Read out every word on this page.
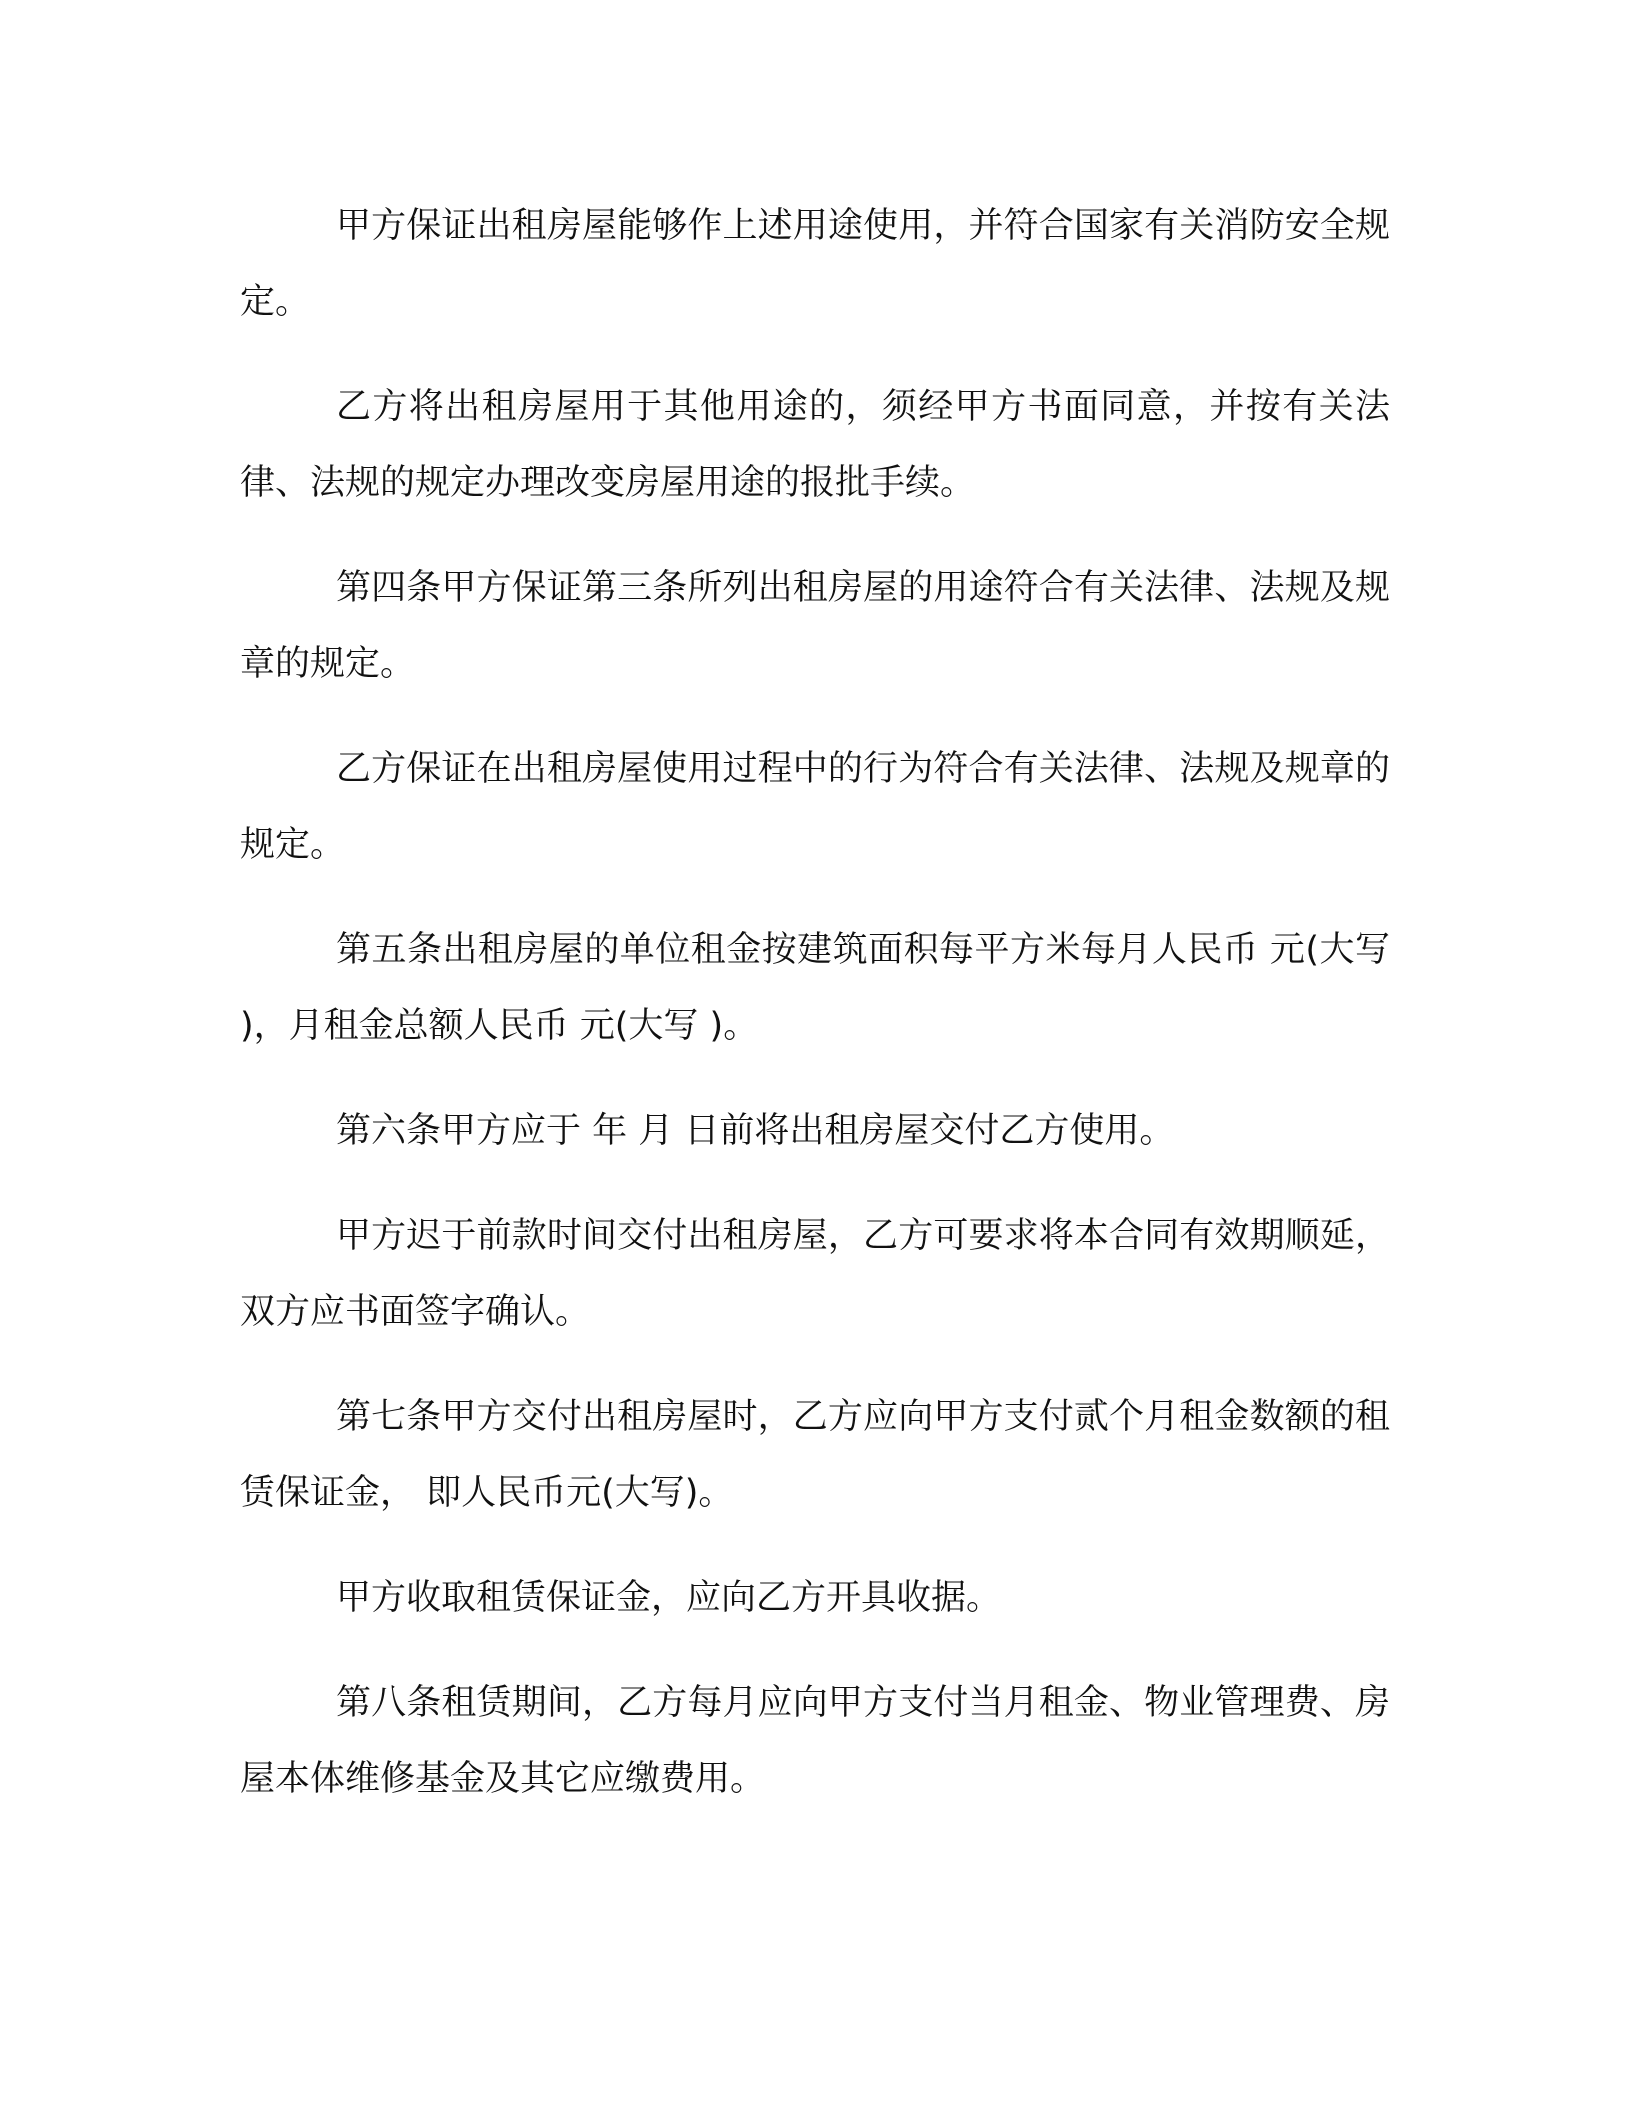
甲方保证出租房屋能够作上述用途使用，并符合国家有关消防安全规定。

乙方将出租房屋用于其他用途的，须经甲方书面同意，并按有关法律、法规的规定办理改变房屋用途的报批手续。

第四条甲方保证第三条所列出租房屋的用途符合有关法律、法规及规章的规定。

乙方保证在出租房屋使用过程中的行为符合有关法律、法规及规章的规定。

第五条出租房屋的单位租金按建筑面积每平方米每月人民币 元(大写 )，月租金总额人民币 元(大写 )。

第六条甲方应于 年 月 日前将出租房屋交付乙方使用。

甲方迟于前款时间交付出租房屋，乙方可要求将本合同有效期顺延，双方应书面签字确认。

第七条甲方交付出租房屋时，乙方应向甲方支付贰个月租金数额的租赁保证金， 即人民币元(大写)。

甲方收取租赁保证金，应向乙方开具收据。

第八条租赁期间，乙方每月应向甲方支付当月租金、物业管理费、房屋本体维修基金及其它应缴费用。
